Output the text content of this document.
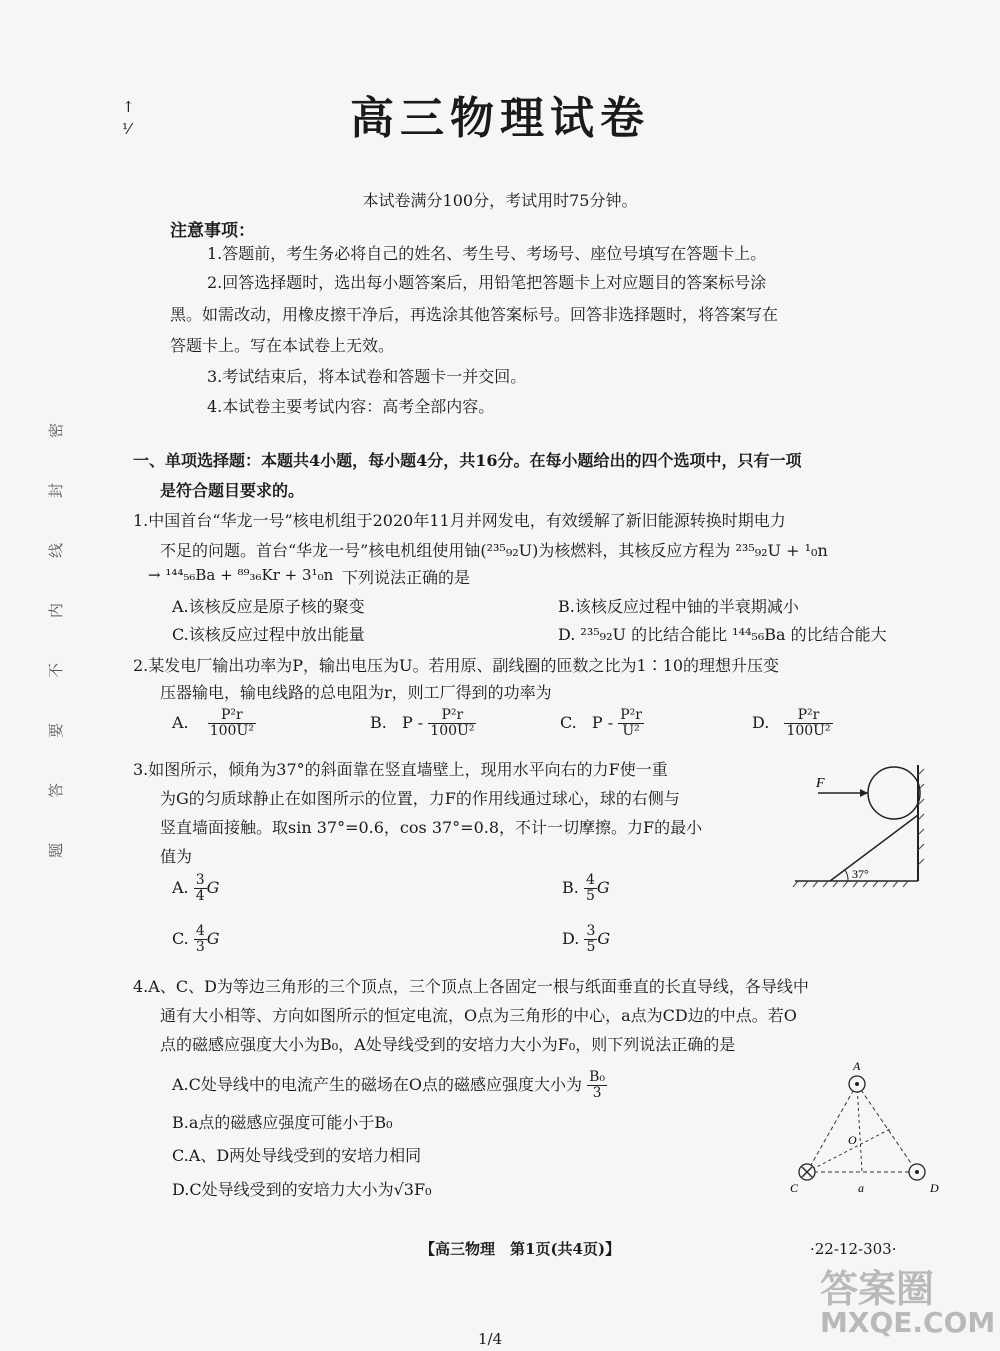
↑
⅟	高三物理试卷
本试卷满分100分，考试用时75分钟。
注意事项：
1.答题前，考生务必将自己的姓名、考生号、考场号、座位号填写在答题卡上。
2.回答选择题时，选出每小题答案后，用铅笔把答题卡上对应题目的答案标号涂
黑。如需改动，用橡皮擦干净后，再选涂其他答案标号。回答非选择题时，将答案写在
答题卡上。写在本试卷上无效。
3.考试结束后，将本试卷和答题卡一并交回。
4.本试卷主要考试内容：高考全部内容。
密
封
线
内
不
要
答
题
一、单项选择题：本题共4小题，每小题4分，共16分。在每小题给出的四个选项中，只有一项
是符合题目要求的。
1.中国首台“华龙一号”核电机组于2020年11月并网发电，有效缓解了新旧能源转换时期电力
不足的问题。首台“华龙一号”核电机组使用铀(²³⁵₉₂U)为核燃料，其核反应方程为 ²³⁵₉₂U + ¹₀n
→ ¹⁴⁴₅₆Ba + ⁸⁹₃₆Kr + 3¹₀n 下列说法正确的是
A.该核反应是原子核的聚变	B.该核反应过程中铀的半衰期减小
C.该核反应过程中放出能量	D. ²³⁵₉₂U 的比结合能比 ¹⁴⁴₅₆Ba 的比结合能大
2.某发电厂输出功率为P，输出电压为U。若用原、副线圈的匝数之比为1∶10的理想升压变
压器输电，输电线路的总电阻为r，则工厂得到的功率为
A. $\frac{\text{P²r}}{\text{100U²}}$	B. P - $\frac{\text{P²r}}{\text{100U²}}$	C. P - $\frac{\text{P²r}}{\text{U²}}$	D. $\frac{\text{P²r}}{\text{100U²}}$
3.如图所示，倾角为37°的斜面靠在竖直墙壁上，现用水平向右的力F使一重
为G的匀质球静止在如图所示的位置，力F的作用线通过球心，球的右侧与
竖直墙面接触。取sin 37°=0.6，cos 37°=0.8，不计一切摩擦。力F的最小
值为
A. $\frac{3}{4}$ G	B. $\frac{4}{5}$ G
C. $\frac{4}{3}$ G	D. $\frac{3}{5}$ G
F
37°
4.A、C、D为等边三角形的三个顶点，三个顶点上各固定一根与纸面垂直的长直导线，各导线中
通有大小相等、方向如图所示的恒定电流，O点为三角形的中心，a点为CD边的中点。若O
点的磁感应强度大小为B₀，A处导线受到的安培力大小为F₀，则下列说法正确的是
A.C处导线中的电流产生的磁场在O点的磁感应强度大小为 $\frac{\text{B₀}}{3}$
B.a点的磁感应强度可能小于B₀
C.A、D两处导线受到的安培力相同
D.C处导线受到的安培力大小为√3F₀
A
O
C	a	D
【高三物理　第1页(共4页)】	·22-12-303·
1/4
答案圈
MXQE.COM
